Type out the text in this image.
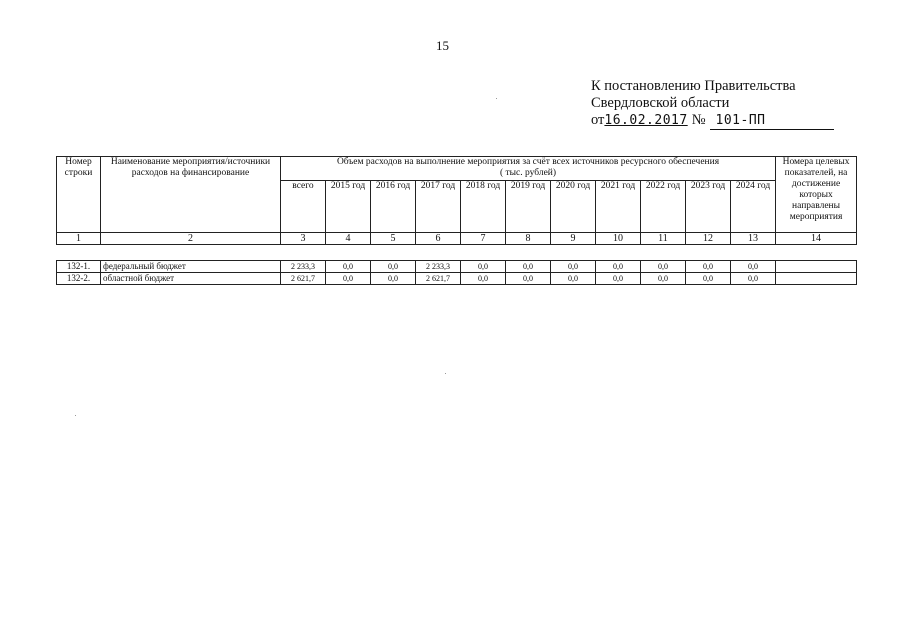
15
К постановлению Правительства
Свердловской области
от16.02.2017 № 101-ПП
Номер строки	Наименование мероприятия/источники расходов на финансирование	Объем расходов на выполнение мероприятия за счёт всех источников ресурсного обеспечения
( тыс. рублей)											Номера целевых показателей, на достижение которых направлены мероприятия
		всего	2015 год	2016 год	2017 год	2018 год	2019 год	2020 год	2021 год	2022 год	2023 год	2024 год	
1	2	3	4	5	6	7	8	9	10	11	12	13	14
132-1.	федеральный бюджет	2 233,3	0,0	0,0	2 233,3	0,0	0,0	0,0	0,0	0,0	0,0	0,0	
132-2.	областной бюджет	2 621,7	0,0	0,0	2 621,7	0,0	0,0	0,0	0,0	0,0	0,0	0,0	
